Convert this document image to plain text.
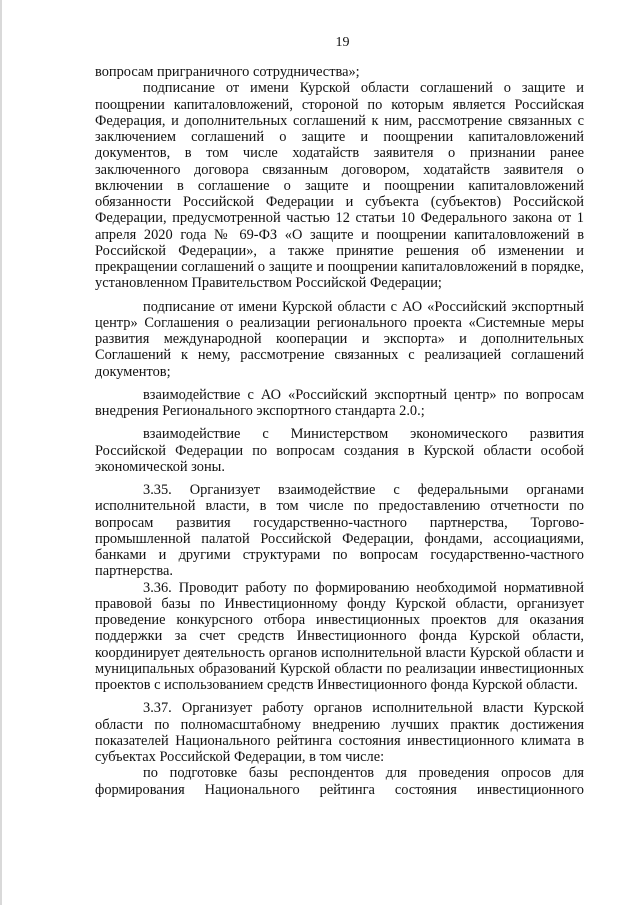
19

вопросам приграничного сотрудничества»;

подписание от имени Курской области соглашений о защите и поощрении капиталовложений, стороной по которым является Российская Федерация, и дополнительных соглашений к ним, рассмотрение связанных с заключением соглашений о защите и поощрении капиталовложений документов, в том числе ходатайств заявителя о признании ранее заключенного договора связанным договором, ходатайств заявителя о включении в соглашение о защите и поощрении капиталовложений обязанности Российской Федерации и субъекта (субъектов) Российской Федерации, предусмотренной частью 12 статьи 10 Федерального закона от 1 апреля 2020 года № 69-ФЗ «О защите и поощрении капиталовложений в Российской Федерации», а также принятие решения об изменении и прекращении соглашений о защите и поощрении капиталовложений в порядке, установленном Правительством Российской Федерации;

подписание от имени Курской области с АО «Российский экспортный центр» Соглашения о реализации регионального проекта «Системные меры развития международной кооперации и экспорта» и дополнительных Соглашений к нему, рассмотрение связанных с реализацией соглашений документов;

взаимодействие с АО «Российский экспортный центр» по вопросам внедрения Регионального экспортного стандарта 2.0.;

взаимодействие с Министерством экономического развития Российской Федерации по вопросам создания в Курской области особой экономической зоны.

3.35. Организует взаимодействие с федеральными органами исполнительной власти, в том числе по предоставлению отчетности по вопросам развития государственно-частного партнерства, Торгово-промышленной палатой Российской Федерации, фондами, ассоциациями, банками и другими структурами по вопросам государственно-частного партнерства.

3.36. Проводит работу по формированию необходимой нормативной правовой базы по Инвестиционному фонду Курской области, организует проведение конкурсного отбора инвестиционных проектов для оказания поддержки за счет средств Инвестиционного фонда Курской области, координирует деятельность органов исполнительной власти Курской области и муниципальных образований Курской области по реализации инвестиционных проектов с использованием средств Инвестиционного фонда Курской области.

3.37. Организует работу органов исполнительной власти Курской области по полномасштабному внедрению лучших практик достижения показателей Национального рейтинга состояния инвестиционного климата в субъектах Российской Федерации, в том числе:

по подготовке базы респондентов для проведения опросов для формирования Национального рейтинга состояния инвестиционного
